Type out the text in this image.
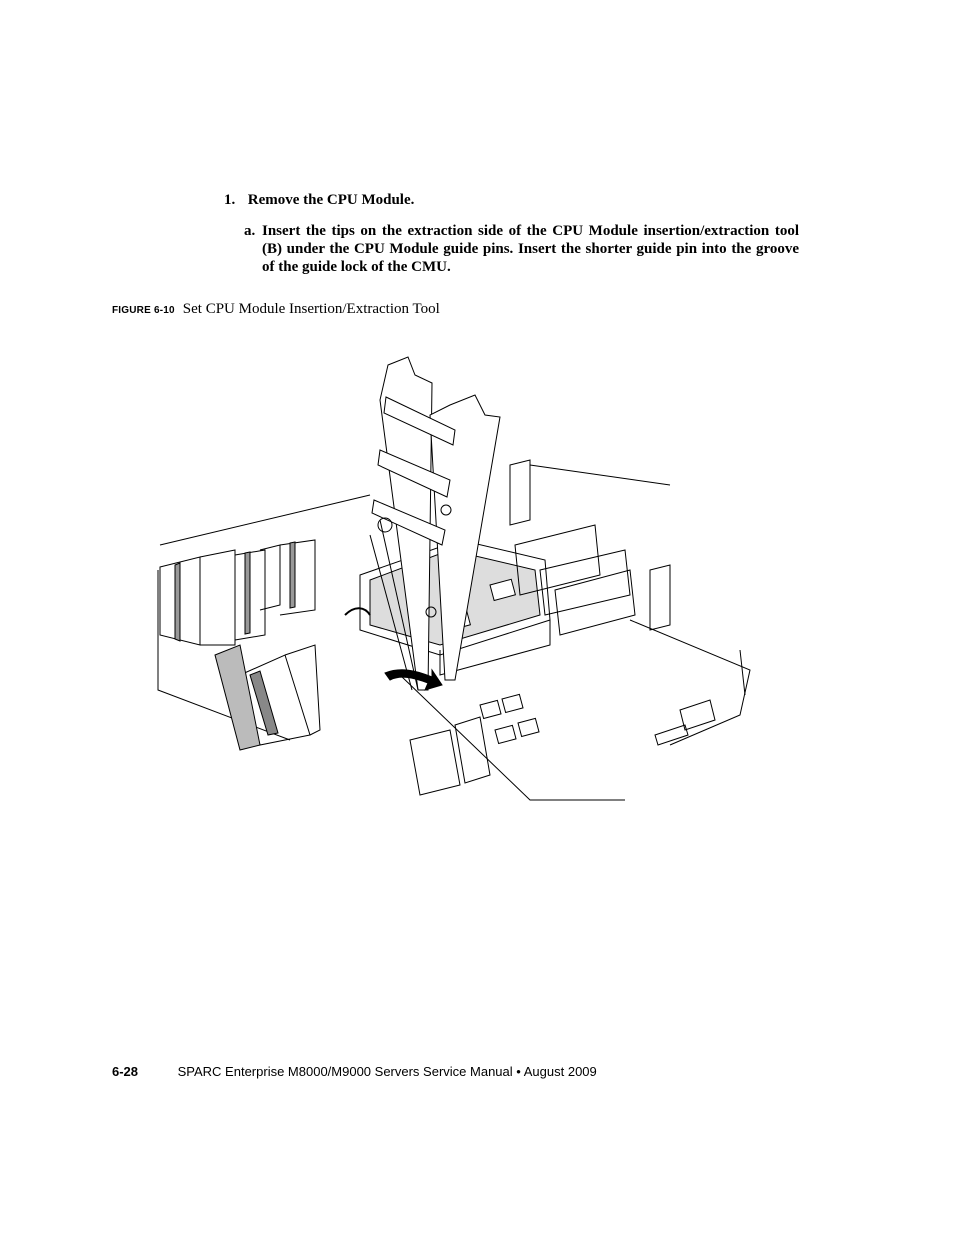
1. Remove the CPU Module.
a. Insert the tips on the extraction side of the CPU Module insertion/extraction tool (B) under the CPU Module guide pins. Insert the shorter guide pin into the groove of the guide lock of the CMU.
FIGURE 6-10 Set CPU Module Insertion/Extraction Tool
6-28	SPARC Enterprise M8000/M9000 Servers Service Manual • August 2009
